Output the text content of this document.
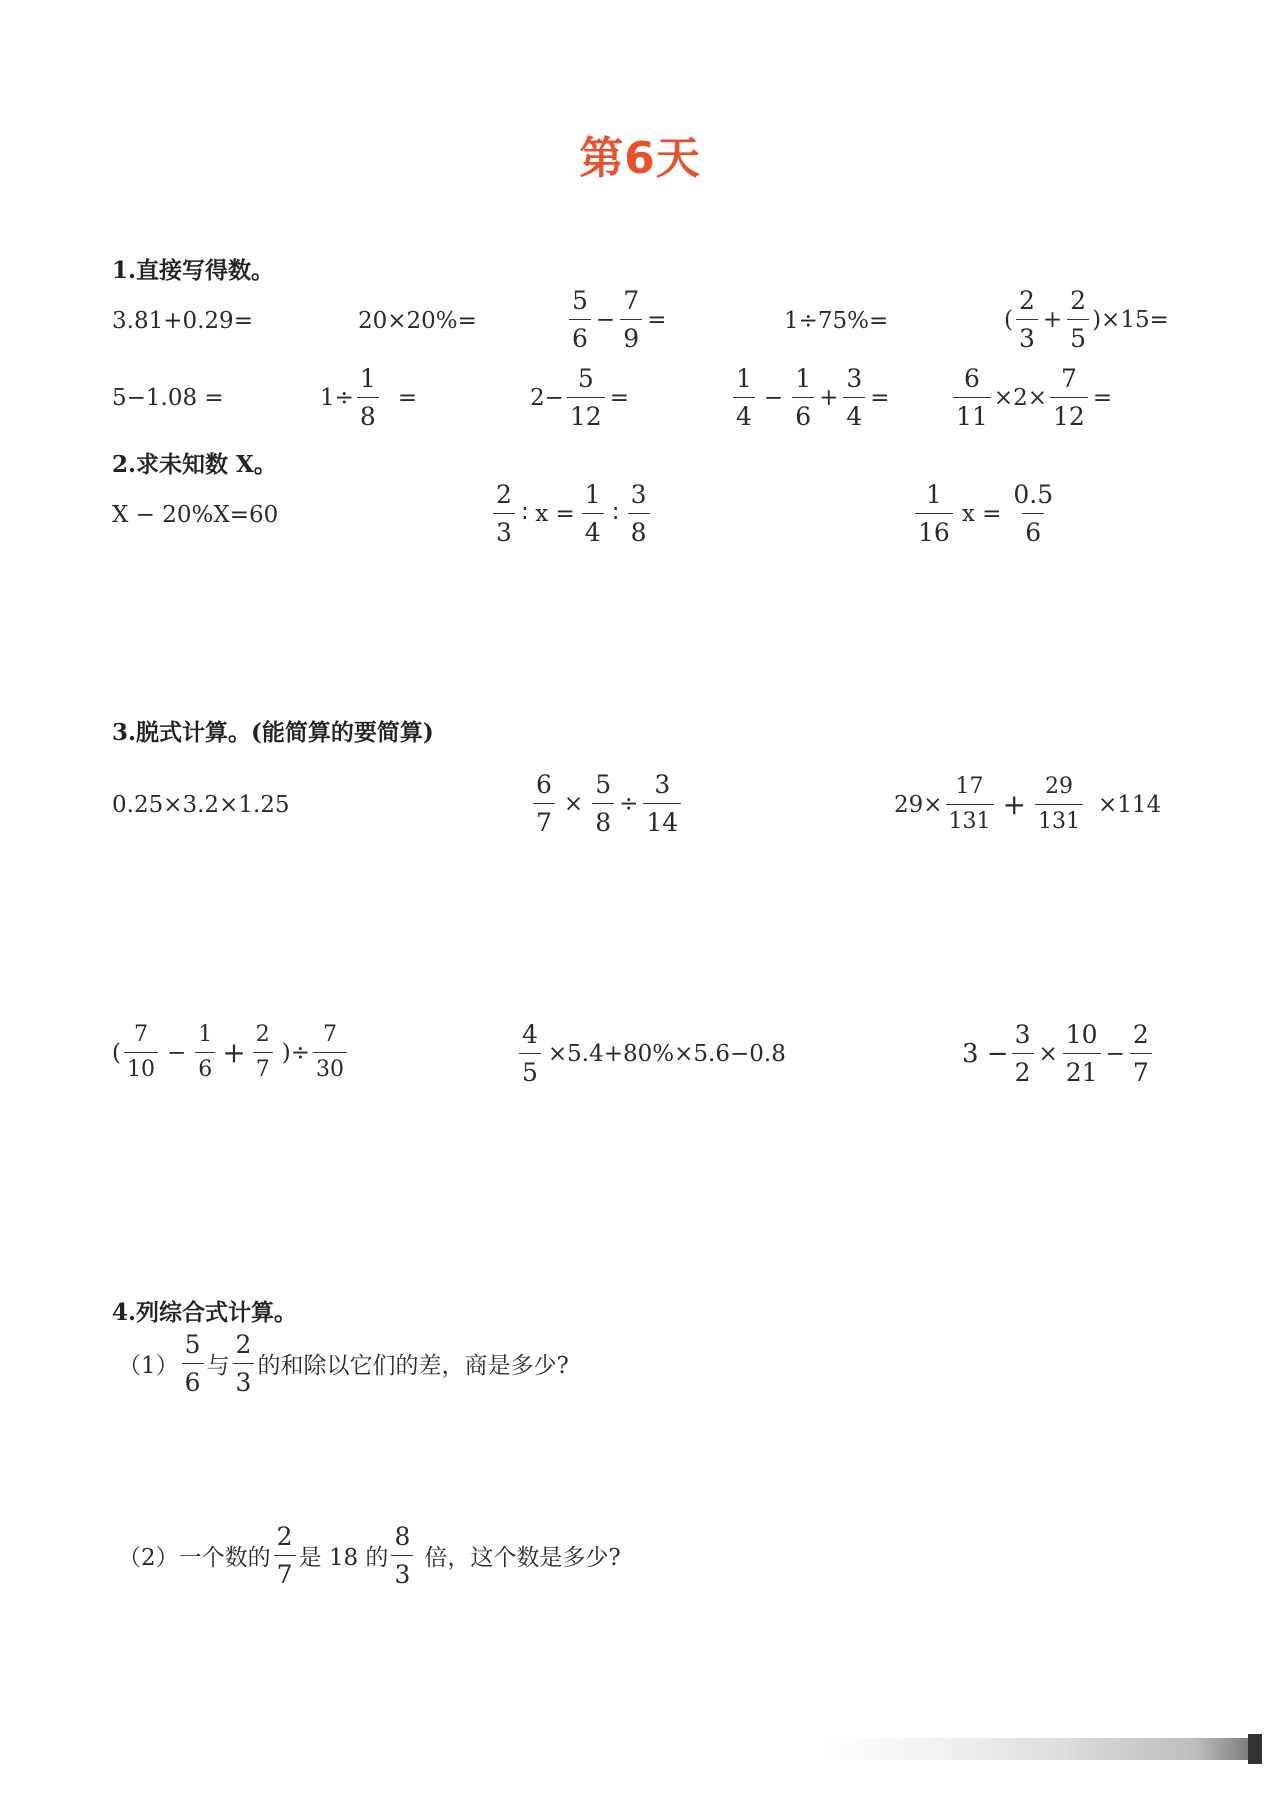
第6天
1.直接写得数。
3.81+0.29=	20×20%=	$\frac{5}{6} - \frac{7}{9}$ =	1÷75%=	( $\frac{2}{3} + \frac{2}{5} )\times 15=$
5−1.08 =	$1\div \frac{1}{8}$ =	$2- \frac{5}{12}$ =	$\frac{1}{4} - \frac{1}{6} + \frac{3}{4}$ =	$\frac{6}{11} \times 2\times \frac{7}{12}$ =
2.求未知数 X。
X − 20%X=60	$\frac{2}{3}$ ∶ $x = \frac{1}{4}$ ∶ $\frac{3}{8}$	$\frac{1}{16}$ $x = \frac{0.5}{6}$
3.脱式计算。(能简算的要简算)
0.25×3.2×1.25	$\frac{6}{7} \times \frac{5}{8} \div \frac{3}{14}$	$29\times \frac{17}{131} + \frac{29}{131} \times 114$
( $\frac{7}{10} - \frac{1}{6} + \frac{2}{7}$ )÷ $\frac{7}{30}$	$\frac{4}{5} \times 5.4+80\%\times 5.6-0.8$	$3 - \frac{3}{2} \times \frac{10}{21} - \frac{2}{7}$
4.列综合式计算。
$(1) \frac{5}{6}$ 与 $\frac{2}{3}$ 的和除以它们的差，商是多少?
（2） 一个数的 $\frac{2}{7}$ 是 18 的 $\frac{8}{3}$ 倍，这个数是多少?
